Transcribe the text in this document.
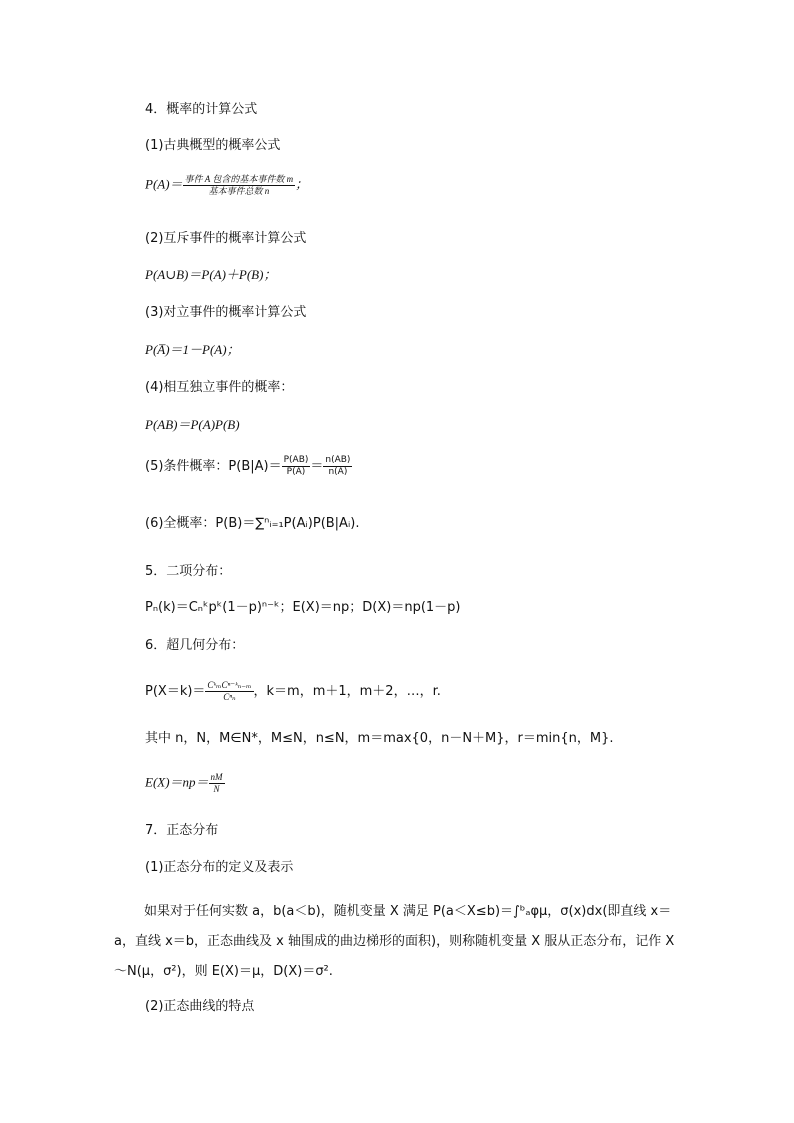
4．概率的计算公式
(1)古典概型的概率公式
$P(A)= \frac{\text{事件 A 包含的基本事件数 m}}{\text{基本事件总数 n}}$ ；
(2)互斥事件的概率计算公式
P(A∪B)＝P(A)＋P(B)；
(3)对立事件的概率计算公式
P(A̅)＝1－P(A)；
(4)相互独立事件的概率：
P(AB)＝P(A)P(B)
(5)条件概率：$P(B|A)= \frac{P(AB)}{P(A)} = \frac{n(AB)}{n(A)}$
(6)全概率：P(B)＝∑ⁿᵢ₌₁P(Aᵢ)P(B|Aᵢ).
5．二项分布：
Pₙ(k)＝Cₙᵏpᵏ(1－p)ⁿ⁻ᵏ；E(X)＝np；D(X)＝np(1－p)
6．超几何分布：
$P(X=k)= \frac{\text{CᵏₘCⁿ⁻ᵏₙ₋ₘ}}{\text{Cⁿₙ}}$ ，k＝m，m＋1，m＋2，…，r.
其中 n，N，M∈N*，M≤N，n≤N，m＝max{0，n－N＋M}，r＝min{n，M}.
$E(X)=np= \frac{nM}{N}$
7．正态分布
(1)正态分布的定义及表示
如果对于任何实数 a，b(a＜b)，随机变量 X 满足 P(a＜X≤b)＝∫ᵇₐφμ，σ(x)dx(即直线 x＝a，直线 x＝b，正态曲线及 x 轴围成的曲边梯形的面积)，则称随机变量 X 服从正态分布，记作 X～N(μ，σ²)，则 E(X)＝μ，D(X)＝σ².
(2)正态曲线的特点
